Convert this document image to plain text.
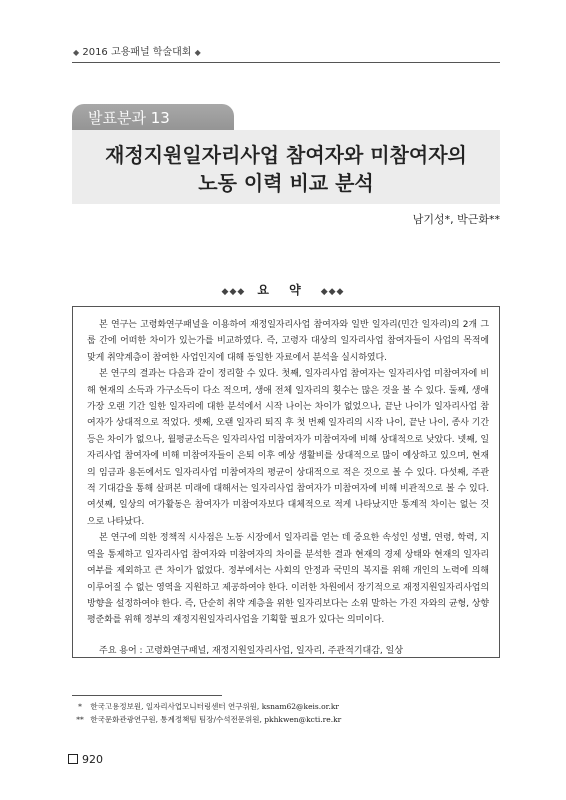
◆ 2016 고용패널 학술대회 ◆
발표분과 13
재정지원일자리사업 참여자와 미참여자의
노동 이력 비교 분석
남기성*, 박근화**
◆◆◆ 요 약 ◆◆◆

본 연구는 고령화연구패널을 이용하여 재정일자리사업 참여자와 일반 일자리(민간 일자리)의 2개 그룹 간에 어떠한 차이가 있는가를 비교하였다. 즉, 고령자 대상의 일자리사업 참여자들이 사업의 목적에 맞게 취약계층이 참여한 사업인지에 대해 동일한 자료에서 분석을 실시하였다.

본 연구의 결과는 다음과 같이 정리할 수 있다. 첫째, 일자리사업 참여자는 일자리사업 미참여자에 비해 현재의 소득과 가구소득이 다소 적으며, 생애 전체 일자리의 횟수는 많은 것을 볼 수 있다. 둘째, 생애 가장 오랜 기간 일한 일자리에 대한 분석에서 시작 나이는 차이가 없었으나, 끝난 나이가 일자리사업 참여자가 상대적으로 적었다. 셋째, 오랜 일자리 퇴직 후 첫 번째 일자리의 시작 나이, 끝난 나이, 종사 기간 등은 차이가 없으나, 월평균소득은 일자리사업 미참여자가 미참여자에 비해 상대적으로 낮았다. 넷째, 일자리사업 참여자에 비해 미참여자들이 은퇴 이후 예상 생활비를 상대적으로 많이 예상하고 있으며, 현재의 임금과 용돈에서도 일자리사업 미참여자의 평균이 상대적으로 적은 것으로 볼 수 있다. 다섯째, 주관적 기대감을 통해 살펴본 미래에 대해서는 일자리사업 참여자가 미참여자에 비해 비관적으로 볼 수 있다. 여섯째, 일상의 여가활동은 참여자가 미참여자보다 대체적으로 적게 나타났지만 통계적 차이는 없는 것으로 나타났다.

본 연구에 의한 정책적 시사점은 노동 시장에서 일자리를 얻는 데 중요한 속성인 성별, 연령, 학력, 지역을 통제하고 일자리사업 참여자와 미참여자의 차이를 분석한 결과 현재의 경제 상태와 현재의 일자리 여부를 제외하고 큰 차이가 없었다. 정부에서는 사회의 안정과 국민의 복지를 위해 개인의 노력에 의해 이루어질 수 없는 영역을 지원하고 제공하여야 한다. 이러한 차원에서 장기적으로 재정지원일자리사업의 방향을 설정하여야 한다. 즉, 단순히 취약 계층을 위한 일자리보다는 소위 말하는 가진 자와의 균형, 상향평준화를 위해 정부의 재정지원일자리사업을 기획할 필요가 있다는 의미이다.

주요 용어 : 고령화연구패널, 재정지원일자리사업, 일자리, 주관적기대감, 일상
* 한국고용정보원, 일자리사업모니터링센터 연구위원, ksnam62@keis.or.kr
** 한국문화관광연구원, 통계정책팀 팀장/수석전문위원, pkhkwen@kcti.re.kr
920
